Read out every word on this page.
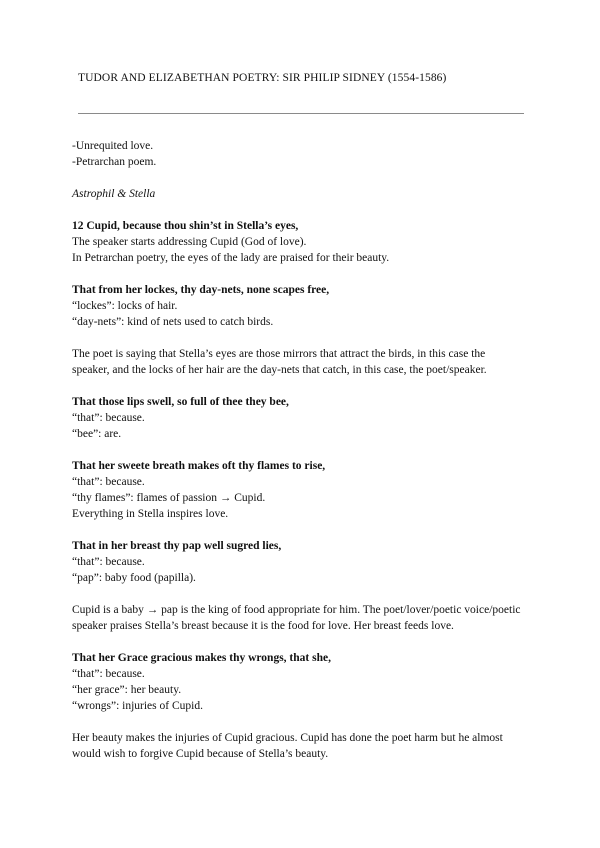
TUDOR AND ELIZABETHAN POETRY: SIR PHILIP SIDNEY (1554-1586)
-Unrequited love.
-Petrarchan poem.
Astrophil & Stella
12 Cupid, because thou shin’st in Stella’s eyes,
The speaker starts addressing Cupid (God of love).
In Petrarchan poetry, the eyes of the lady are praised for their beauty.
That from her lockes, thy day-nets, none scapes free,
“lockes”: locks of hair.
“day-nets”: kind of nets used to catch birds.
The poet is saying that Stella’s eyes are those mirrors that attract the birds, in this case the speaker, and the locks of her hair are the day-nets that catch, in this case, the poet/speaker.
That those lips swell, so full of thee they bee,
“that”: because.
“bee”: are.
That her sweete breath makes oft thy flames to rise,
“that”: because.
“thy flames”: flames of passion → Cupid.
Everything in Stella inspires love.
That in her breast thy pap well sugred lies,
“that”: because.
“pap”: baby food (papilla).
Cupid is a baby → pap is the king of food appropriate for him. The poet/lover/poetic voice/poetic speaker praises Stella’s breast because it is the food for love. Her breast feeds love.
That her Grace gracious makes thy wrongs, that she,
“that”: because.
“her grace”: her beauty.
“wrongs”: injuries of Cupid.
Her beauty makes the injuries of Cupid gracious. Cupid has done the poet harm but he almost would wish to forgive Cupid because of Stella’s beauty.
